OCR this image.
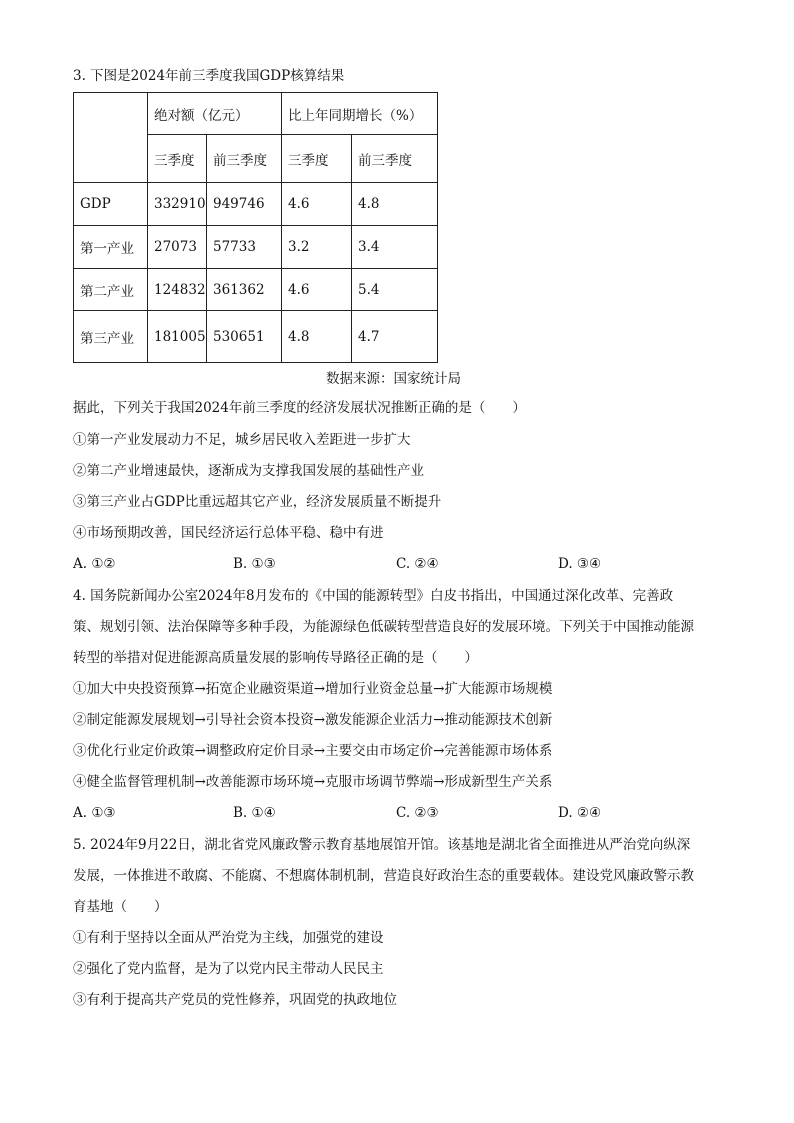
3. 下图是2024年前三季度我国GDP核算结果
	绝对额（亿元）		比上年同期增长（%）	
	三季度	前三季度	三季度	前三季度
GDP	332910	949746	4.6	4.8
第一产业	27073	57733	3.2	3.4
第二产业	124832	361362	4.6	5.4
第三产业	181005	530651	4.8	4.7
数据来源：国家统计局
据此，下列关于我国2024年前三季度的经济发展状况推断正确的是（　　）
①第一产业发展动力不足，城乡居民收入差距进一步扩大
②第二产业增速最快，逐渐成为支撑我国发展的基础性产业
③第三产业占GDP比重远超其它产业，经济发展质量不断提升
④市场预期改善，国民经济运行总体平稳、稳中有进
A. ①②	B. ①③	C. ②④	D. ③④
4. 国务院新闻办公室2024年8月发布的《中国的能源转型》白皮书指出，中国通过深化改革、完善政
策、规划引领、法治保障等多种手段，为能源绿色低碳转型营造良好的发展环境。下列关于中国推动能源
转型的举措对促进能源高质量发展的影响传导路径正确的是（　　）
①加大中央投资预算→拓宽企业融资渠道→增加行业资金总量→扩大能源市场规模
②制定能源发展规划→引导社会资本投资→激发能源企业活力→推动能源技术创新
③优化行业定价政策→调整政府定价目录→主要交由市场定价→完善能源市场体系
④健全监督管理机制→改善能源市场环境→克服市场调节弊端→形成新型生产关系
A. ①③	B. ①④	C. ②③	D. ②④
5. 2024年9月22日，湖北省党风廉政警示教育基地展馆开馆。该基地是湖北省全面推进从严治党向纵深
发展，一体推进不敢腐、不能腐、不想腐体制机制，营造良好政治生态的重要载体。建设党风廉政警示教
育基地（　　）
①有利于坚持以全面从严治党为主线，加强党的建设
②强化了党内监督，是为了以党内民主带动人民民主
③有利于提高共产党员的党性修养，巩固党的执政地位
